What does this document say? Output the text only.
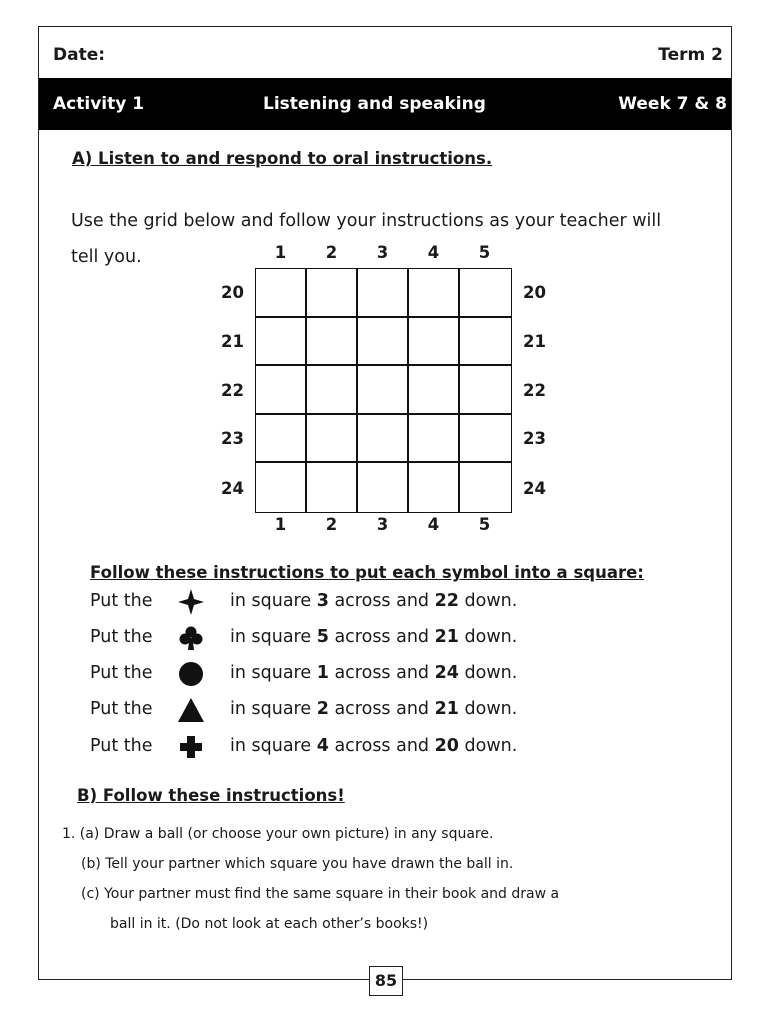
Date:	Term 2
Activity 1	Listening and speaking	Week 7 & 8
A) Listen to and respond to oral instructions.
Use the grid below and follow your instructions as your teacher will tell you.	1	2	3	4	5
1	2	3	4	5
20
21
22
23
24
20
21
22
23
24
Follow these instructions to put each symbol into a square:
Put the	in square 3 across and 22 down.
Put the	in square 5 across and 21 down.
Put the	in square 1 across and 24 down.
Put the	in square 2 across and 21 down.
Put the	in square 4 across and 20 down.
B) Follow these instructions!
1. (a) Draw a ball (or choose your own picture) in any square.
(b) Tell your partner which square you have drawn the ball in.
(c) Your partner must find the same square in their book and draw a
ball in it. (Do not look at each other’s books!)
85
